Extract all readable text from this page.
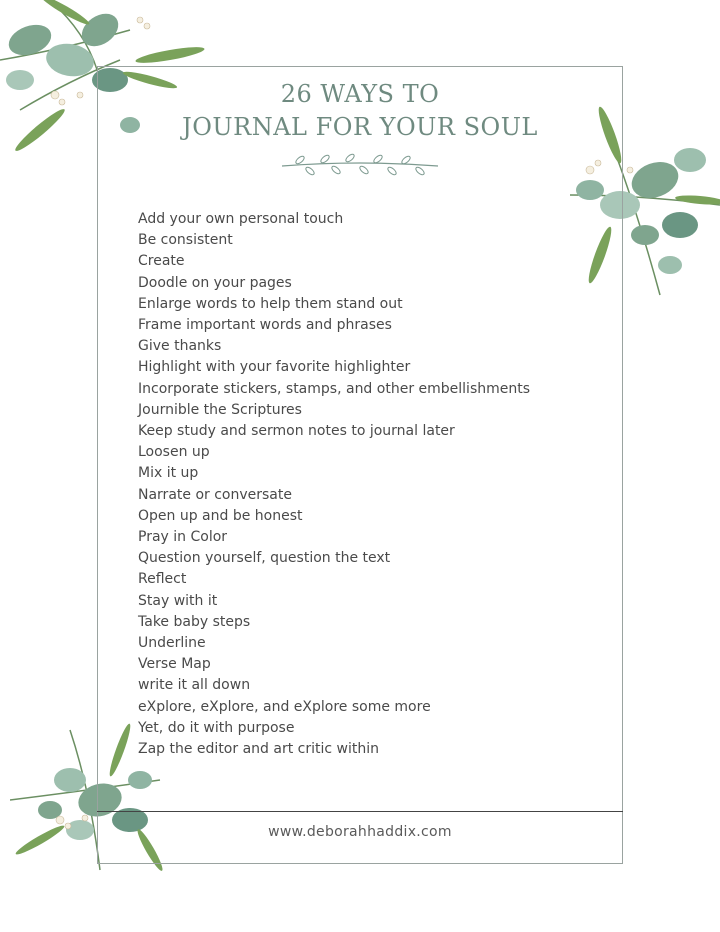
26 WAYS TO
JOURNAL FOR YOUR SOUL
Add your own personal touch
Be consistent
Create
Doodle on your pages
Enlarge words to help them stand out
Frame important words and phrases
Give thanks
Highlight with your favorite highlighter
Incorporate stickers, stamps, and other embellishments
Journible the Scriptures
Keep study and sermon notes to journal later
Loosen up
Mix it up
Narrate or conversate
Open up and be honest
Pray in Color
Question yourself, question the text
Reflect
Stay with it
Take baby steps
Underline
Verse Map
write it all down
eXplore, eXplore, and eXplore some more
Yet, do it with purpose
Zap the editor and art critic within
www.deborahhaddix.com
